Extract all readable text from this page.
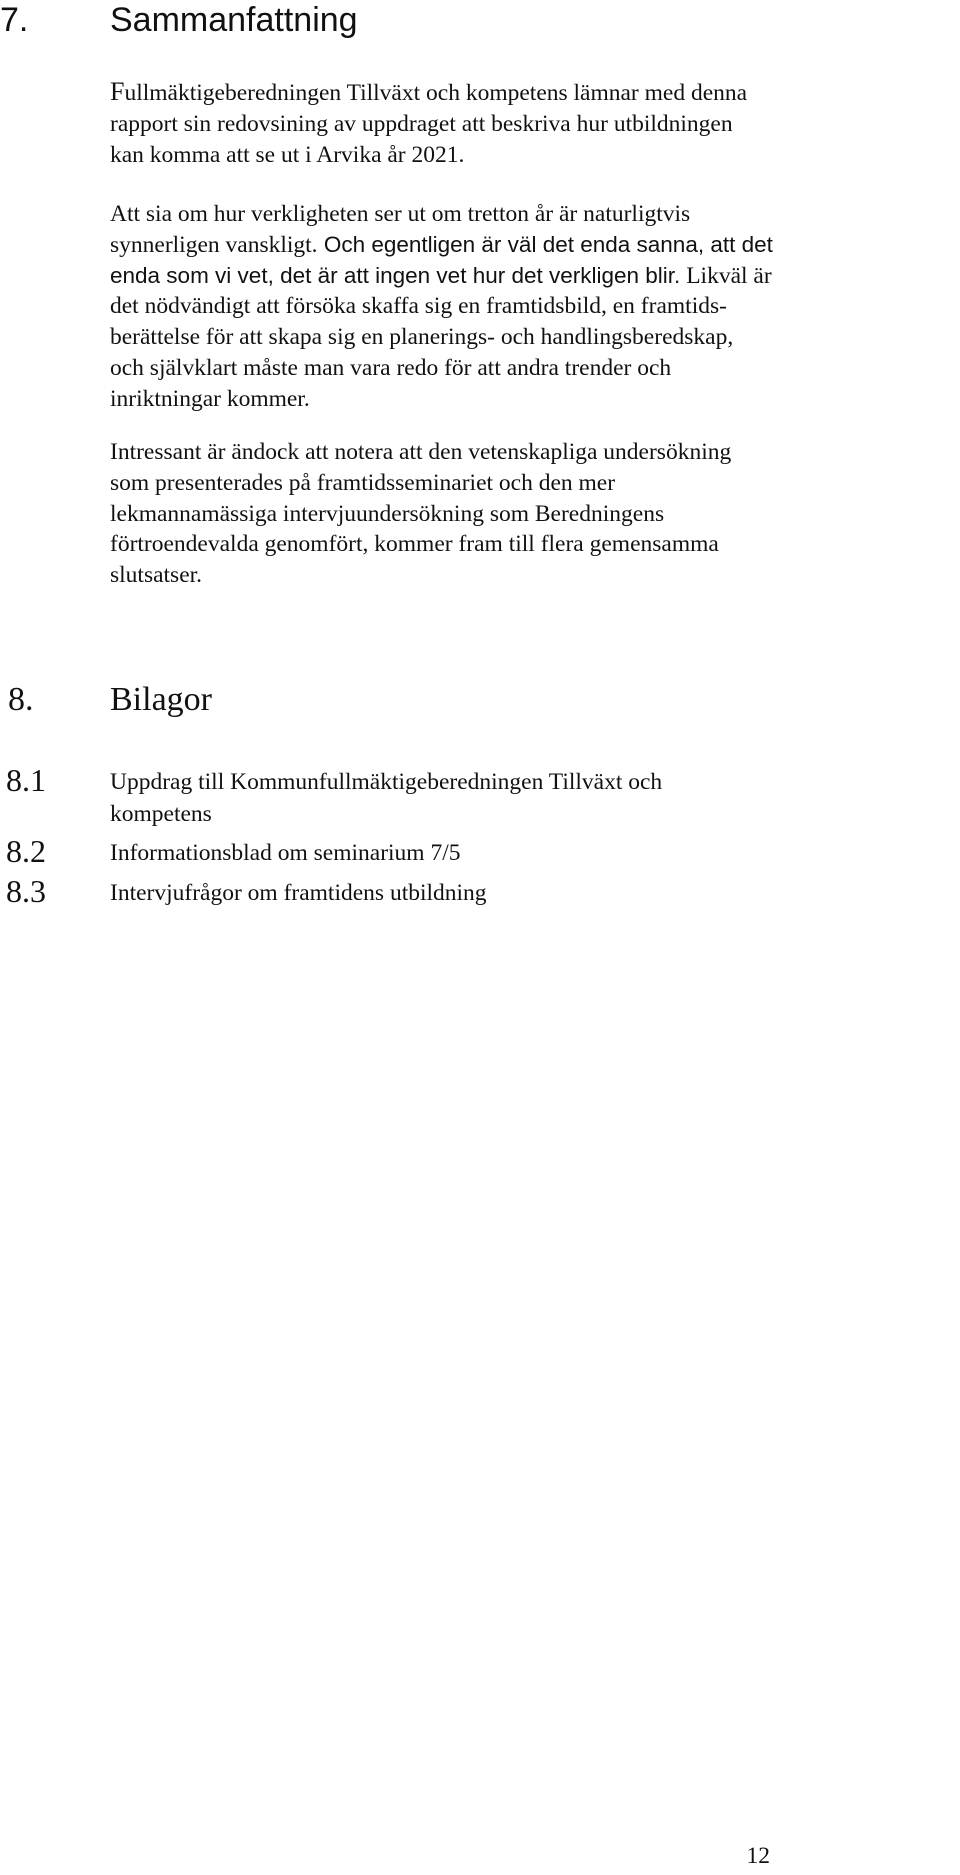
7. Sammanfattning

Fullmäktigeberedningen Tillväxt och kompetens lämnar med denna
rapport sin redovsining av uppdraget att beskriva hur utbildningen
kan komma att se ut i Arvika år 2021.

Att sia om hur verkligheten ser ut om tretton år är naturligtvis
synnerligen vanskligt. Och egentligen är väl det enda sanna, att det
enda som vi vet, det är att ingen vet hur det verkligen blir. Likväl är
det nödvändigt att försöka skaffa sig en framtidsbild, en framtids-
berättelse för att skapa sig en planerings- och handlingsberedskap,
och självklart måste man vara redo för att andra trender och
inriktningar kommer.

Intressant är ändock att notera att den vetenskapliga undersökning
som presenterades på framtidsseminariet och den mer
lekmannamässiga intervjuundersökning som Beredningens
förtroendevalda genomfört, kommer fram till flera gemensamma
slutsatser.

8. Bilagor
8.1	Uppdrag till Kommunfullmäktigeberedningen Tillväxt och
kompetens
8.2	Informationsblad om seminarium 7/5
8.3	Intervjufrågor om framtidens utbildning
12
